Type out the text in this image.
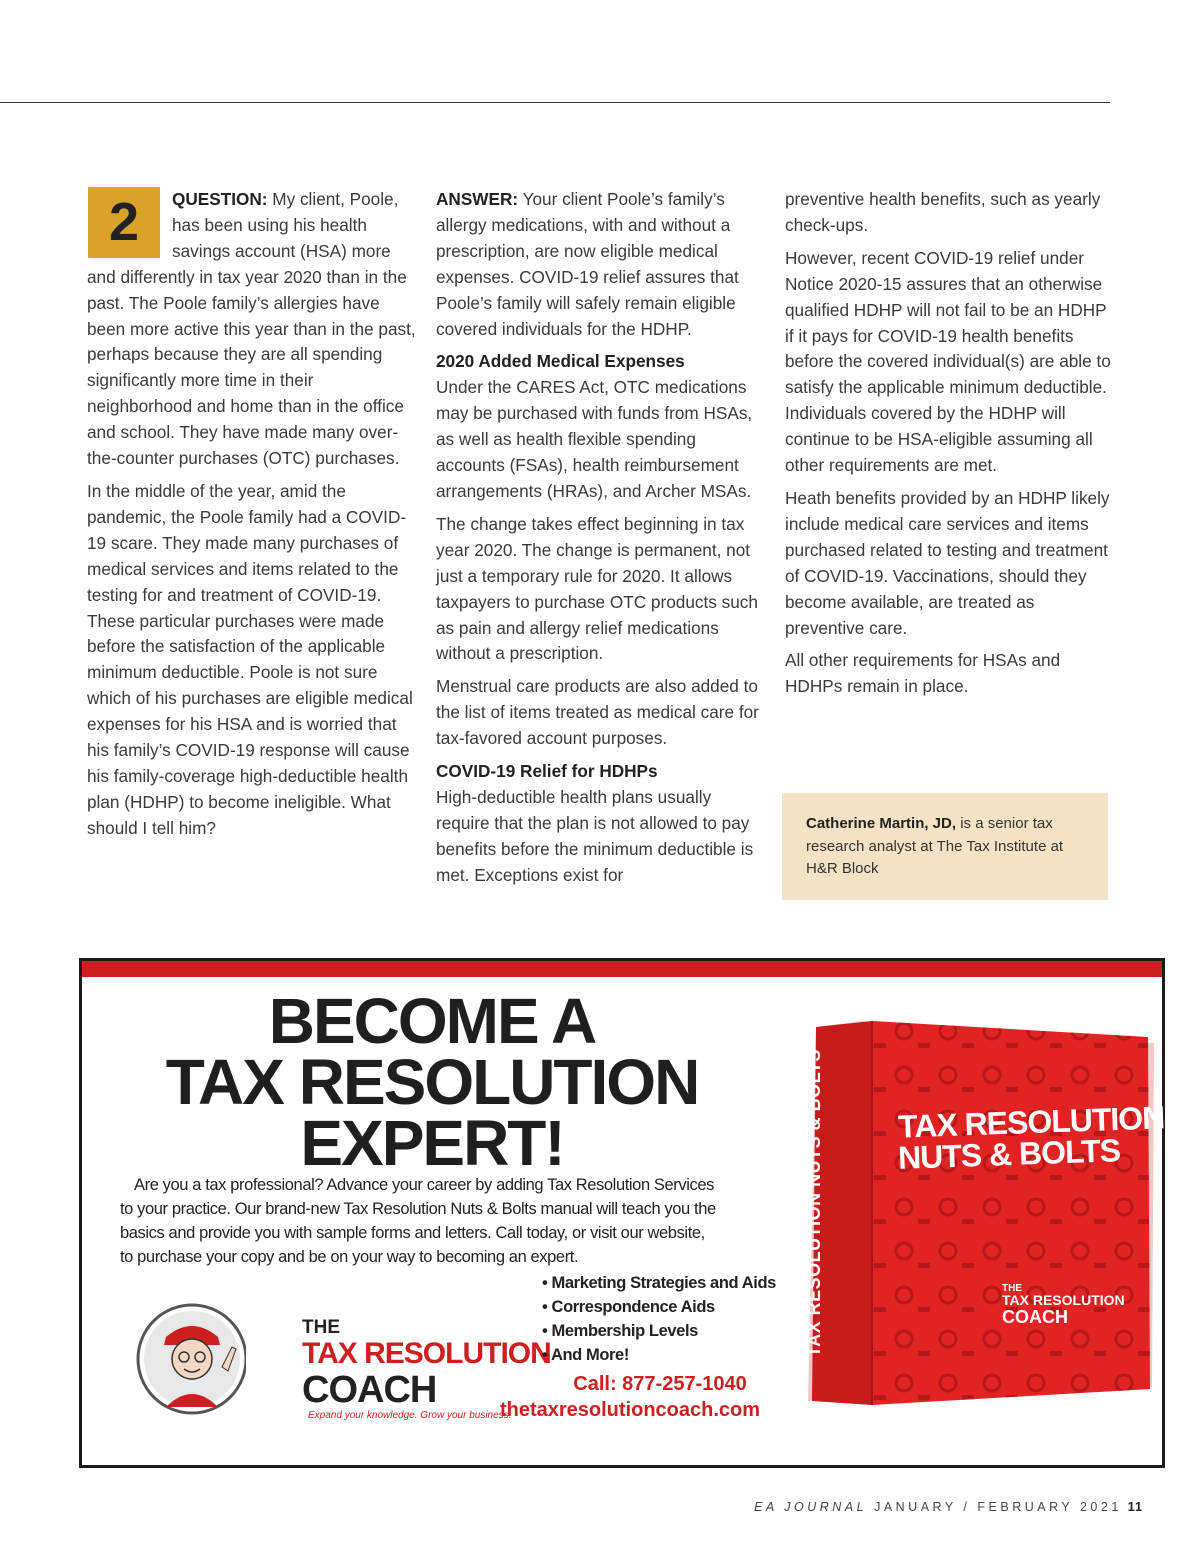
2	QUESTION: My client, Poole, has been using his health savings account (HSA) more and differently in tax year 2020 than in the past. The Poole family’s allergies have been more active this year than in the past, perhaps because they are all spending significantly more time in their neighborhood and home than in the office and school. They have made many over-the-counter purchases (OTC) purchases.

In the middle of the year, amid the pandemic, the Poole family had a COVID-19 scare. They made many purchases of medical services and items related to the testing for and treatment of COVID-19. These particular purchases were made before the satisfaction of the applicable minimum deductible. Poole is not sure which of his purchases are eligible medical expenses for his HSA and is worried that his family’s COVID-19 response will cause his family-coverage high-deductible health plan (HDHP) to become ineligible. What should I tell him?

ANSWER: Your client Poole’s family’s allergy medications, with and without a prescription, are now eligible medical expenses. COVID-19 relief assures that Poole’s family will safely remain eligible covered individuals for the HDHP.

2020 Added Medical Expenses

Under the CARES Act, OTC medications may be purchased with funds from HSAs, as well as health flexible spending accounts (FSAs), health reimbursement arrangements (HRAs), and Archer MSAs.

The change takes effect beginning in tax year 2020. The change is permanent, not just a temporary rule for 2020. It allows taxpayers to purchase OTC products such as pain and allergy relief medications without a prescription.

Menstrual care products are also added to the list of items treated as medical care for tax-favored account purposes.

COVID-19 Relief for HDHPs

High-deductible health plans usually require that the plan is not allowed to pay benefits before the minimum deductible is met. Exceptions exist for

preventive health benefits, such as yearly check-ups.

However, recent COVID-19 relief under Notice 2020-15 assures that an otherwise qualified HDHP will not fail to be an HDHP if it pays for COVID-19 health benefits before the covered individual(s) are able to satisfy the applicable minimum deductible. Individuals covered by the HDHP will continue to be HSA-eligible assuming all other requirements are met.

Heath benefits provided by an HDHP likely include medical care services and items purchased related to testing and treatment of COVID-19. Vaccinations, should they become available, are treated as preventive care.

All other requirements for HSAs and HDHPs remain in place.

Catherine Martin, JD, is a senior tax research analyst at The Tax Institute at H&R Block
BECOME A
TAX RESOLUTION
EXPERT!
Are you a tax professional? Advance your career by adding Tax Resolution Services
to your practice. Our brand-new Tax Resolution Nuts & Bolts manual will teach you the
basics and provide you with sample forms and letters. Call today, or visit our website,
to purchase your copy and be on your way to becoming an expert.
THE
TAX RESOLUTION
COACH
Expand your knowledge. Grow your business.
• Marketing Strategies and Aids
• Correspondence Aids
• Membership Levels
• And More!
Call: 877-257-1040
thetaxresolutioncoach.com
TAX RESOLUTION NUTS & BOLTS TAX RESOLUTION
NUTS & BOLTS
THE
TAX RESOLUTION
COACH
EA JOURNAL JANUARY / FEBRUARY 2021 11
